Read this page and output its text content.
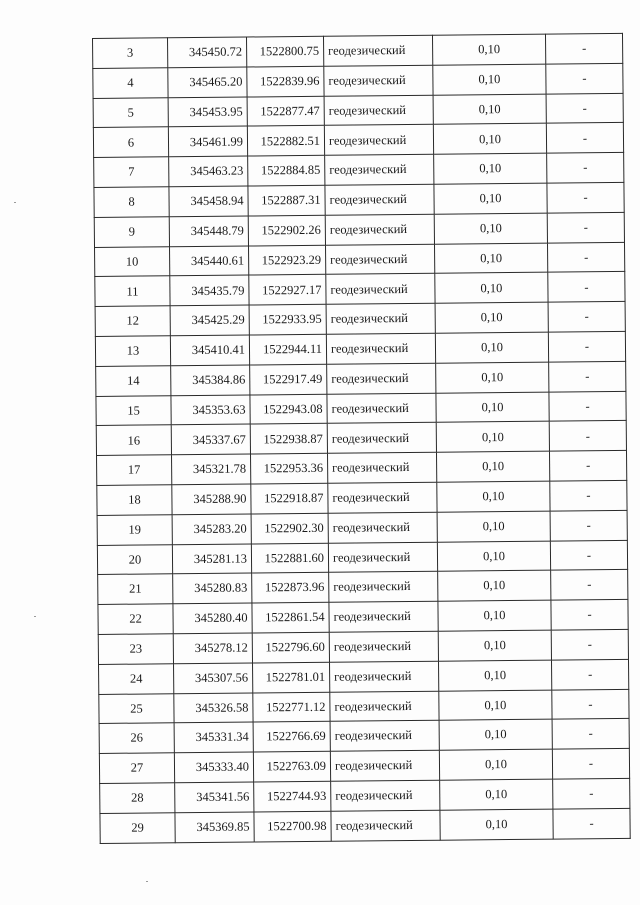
3	345450.72	1522800.75	геодезический	0,10	-
4	345465.20	1522839.96	геодезический	0,10	-
5	345453.95	1522877.47	геодезический	0,10	-
6	345461.99	1522882.51	геодезический	0,10	-
7	345463.23	1522884.85	геодезический	0,10	-
8	345458.94	1522887.31	геодезический	0,10	-
9	345448.79	1522902.26	геодезический	0,10	-
10	345440.61	1522923.29	геодезический	0,10	-
11	345435.79	1522927.17	геодезический	0,10	-
12	345425.29	1522933.95	геодезический	0,10	-
13	345410.41	1522944.11	геодезический	0,10	-
14	345384.86	1522917.49	геодезический	0,10	-
15	345353.63	1522943.08	геодезический	0,10	-
16	345337.67	1522938.87	геодезический	0,10	-
17	345321.78	1522953.36	геодезический	0,10	-
18	345288.90	1522918.87	геодезический	0,10	-
19	345283.20	1522902.30	геодезический	0,10	-
20	345281.13	1522881.60	геодезический	0,10	-
21	345280.83	1522873.96	геодезический	0,10	-
22	345280.40	1522861.54	геодезический	0,10	-
23	345278.12	1522796.60	геодезический	0,10	-
24	345307.56	1522781.01	геодезический	0,10	-
25	345326.58	1522771.12	геодезический	0,10	-
26	345331.34	1522766.69	геодезический	0,10	-
27	345333.40	1522763.09	геодезический	0,10	-
28	345341.56	1522744.93	геодезический	0,10	-
29	345369.85	1522700.98	геодезический	0,10	-
